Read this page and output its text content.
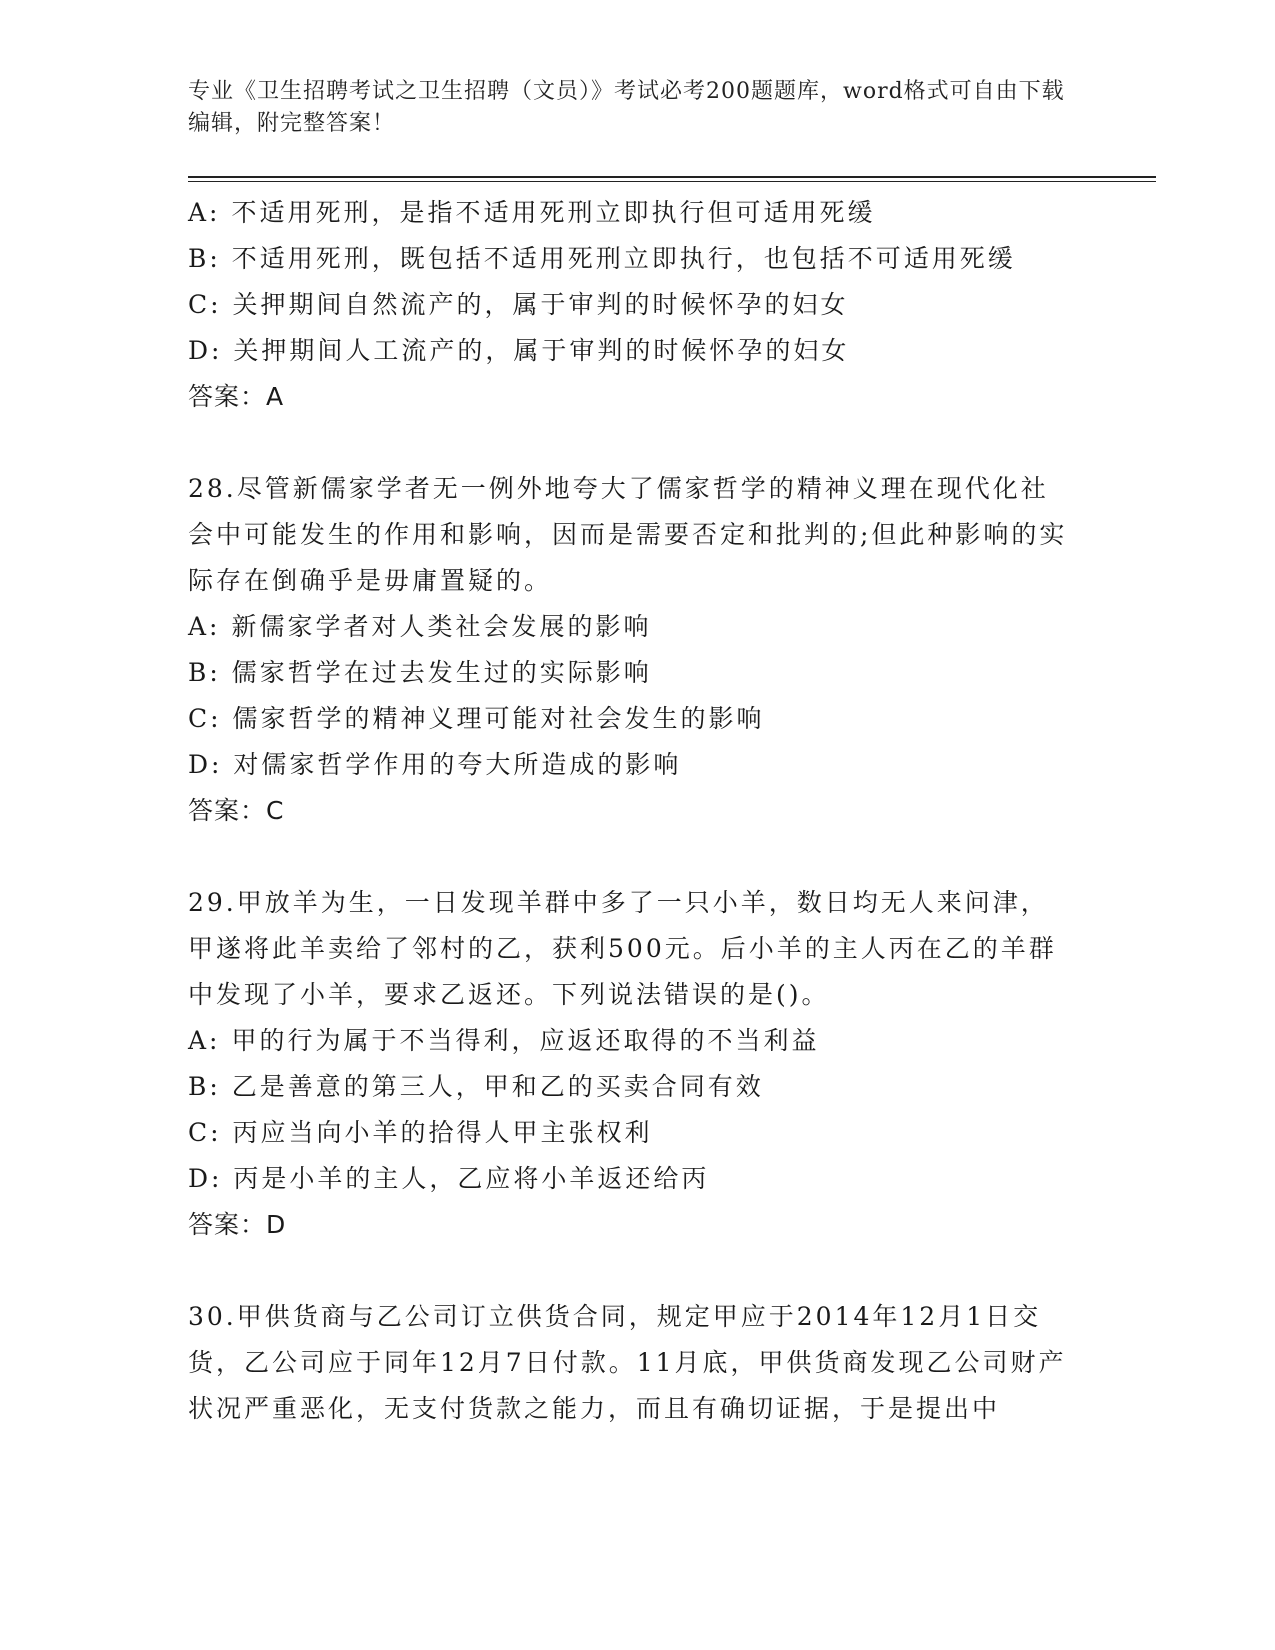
专业《卫生招聘考试之卫生招聘（文员）》考试必考200题题库，word格式可自由下载编辑，附完整答案！
A: 不适用死刑，是指不适用死刑立即执行但可适用死缓
B: 不适用死刑，既包括不适用死刑立即执行，也包括不可适用死缓
C: 关押期间自然流产的，属于审判的时候怀孕的妇女
D: 关押期间人工流产的，属于审判的时候怀孕的妇女
答案：A
28.尽管新儒家学者无一例外地夸大了儒家哲学的精神义理在现代化社会中可能发生的作用和影响，因而是需要否定和批判的;但此种影响的实际存在倒确乎是毋庸置疑的。
A: 新儒家学者对人类社会发展的影响
B: 儒家哲学在过去发生过的实际影响
C: 儒家哲学的精神义理可能对社会发生的影响
D: 对儒家哲学作用的夸大所造成的影响
答案：C
29.甲放羊为生，一日发现羊群中多了一只小羊，数日均无人来问津，甲遂将此羊卖给了邻村的乙，获利500元。后小羊的主人丙在乙的羊群中发现了小羊，要求乙返还。下列说法错误的是()。
A: 甲的行为属于不当得利，应返还取得的不当利益
B: 乙是善意的第三人，甲和乙的买卖合同有效
C: 丙应当向小羊的拾得人甲主张权利
D: 丙是小羊的主人，乙应将小羊返还给丙
答案：D
30.甲供货商与乙公司订立供货合同，规定甲应于2014年12月1日交货，乙公司应于同年12月7日付款。11月底，甲供货商发现乙公司财产状况严重恶化，无支付货款之能力，而且有确切证据，于是提出中
